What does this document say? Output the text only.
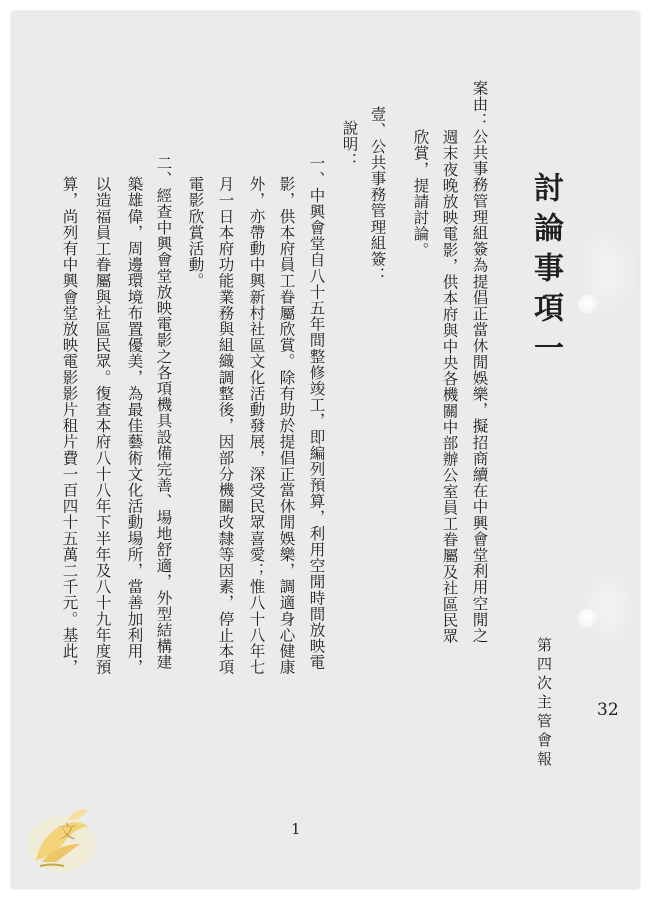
討論事項一
第四次主管會報	32
案由：公共事務管理組簽為提倡正當休閒娛樂，擬招商續在中興會堂利用空閒之
週末夜晚放映電影，供本府與中央各機關中部辦公室員工眷屬及社區民眾
欣賞，提請討論。
壹、公共事務管理組簽：
說明：
一、中興會堂自八十五年間整修竣工，即編列預算，利用空閒時間放映電
影，供本府員工眷屬欣賞。除有助於提倡正當休閒娛樂，調適身心健康
外，亦帶動中興新村社區文化活動發展，深受民眾喜愛；惟八十八年七
月一日本府功能業務與組織調整後，因部分機關改隸等因素，停止本項
電影欣賞活動。
二、經查中興會堂放映電影之各項機具設備完善、場地舒適，外型結構建
築雄偉，周邊環境布置優美，為最佳藝術文化活動場所，當善加利用，
以造福員工眷屬與社區民眾。復查本府八十八年下半年及八十九年度預
算，尚列有中興會堂放映電影影片租片費一百四十五萬二千元。基此，
1
文
